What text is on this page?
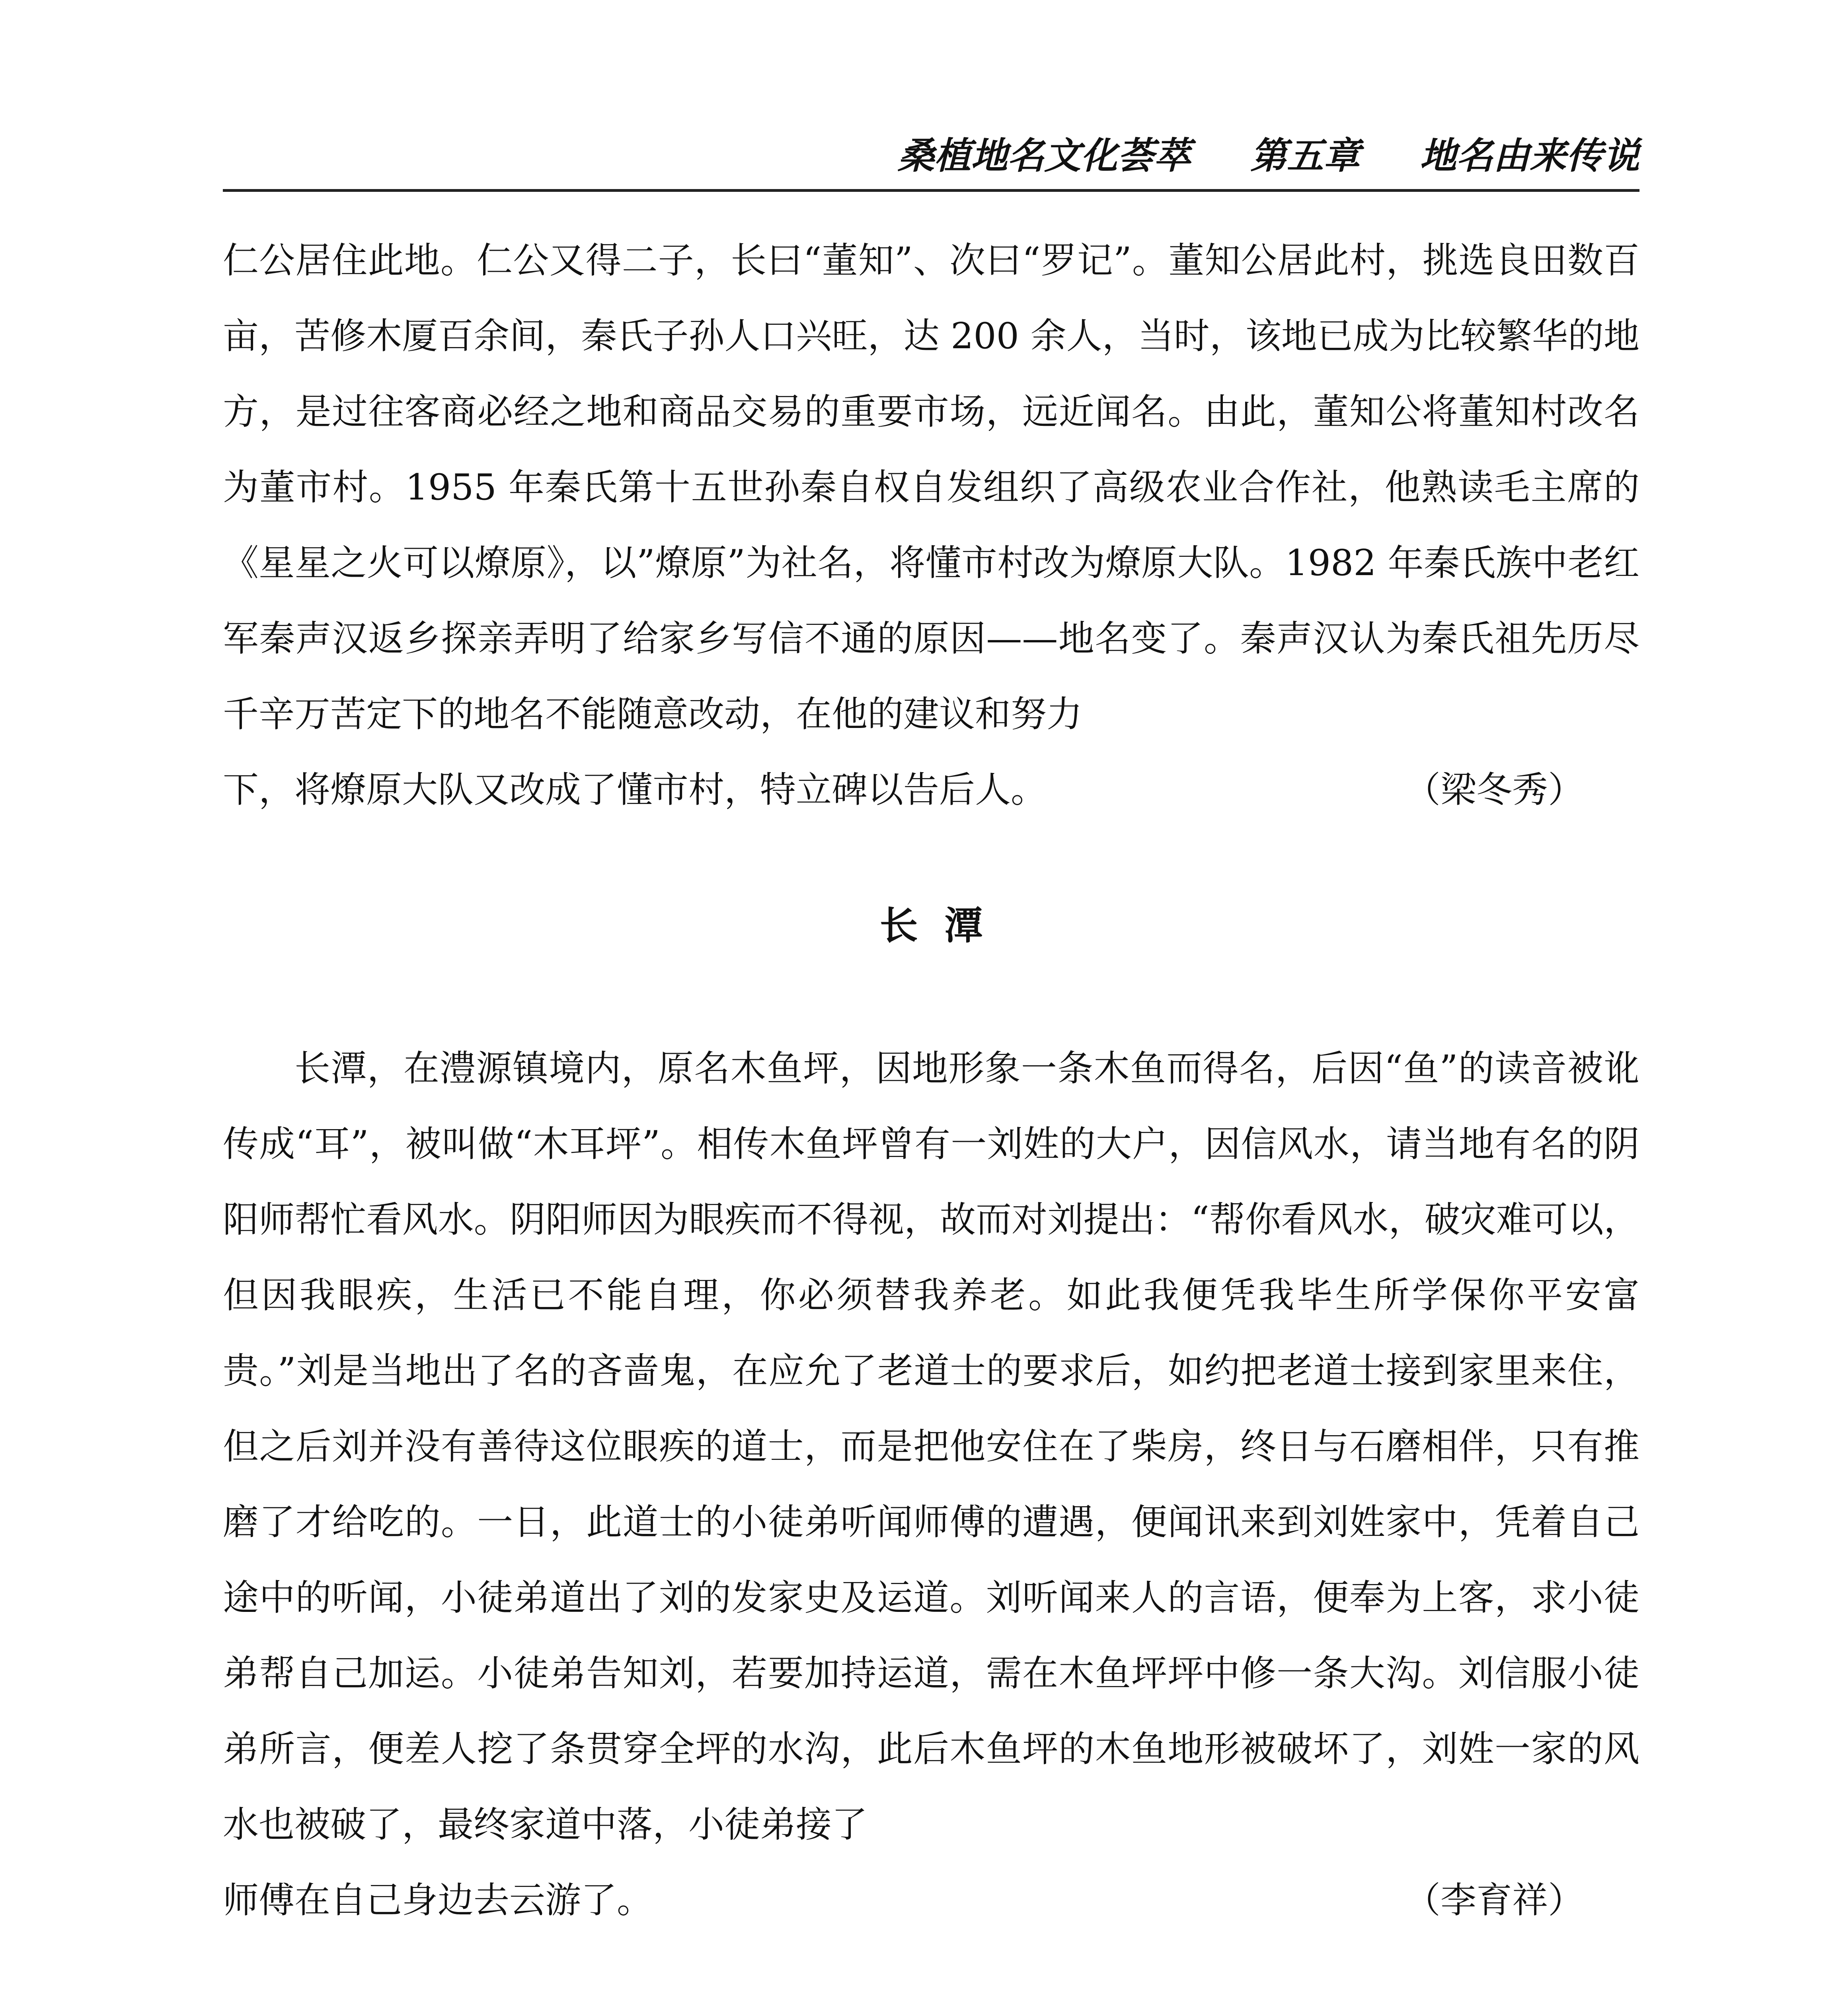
桑植地名文化荟萃 第五章 地名由来传说

仁公居住此地。仁公又得二子，长曰“董知”、次曰“罗记”。董知公居此村，挑选良田数百亩，苦修木厦百余间，秦氏子孙人口兴旺，达 200 余人，当时，该地已成为比较繁华的地方，是过往客商必经之地和商品交易的重要市场，远近闻名。由此，董知公将董知村改名为董市村。1955 年秦氏第十五世孙秦自权自发组织了高级农业合作社，他熟读毛主席的《星星之火可以燎原》，以”燎原”为社名，将懂市村改为燎原大队。1982 年秦氏族中老红军秦声汉返乡探亲弄明了给家乡写信不通的原因——地名变了。秦声汉认为秦氏祖先历尽千辛万苦定下的地名不能随意改动，在他的建议和努力

下，将燎原大队又改成了懂市村，特立碑以告后人。	（梁冬秀）
长  潭

长潭，在澧源镇境内，原名木鱼坪，因地形象一条木鱼而得名，后因“鱼”的读音被讹传成“耳”，被叫做“木耳坪”。相传木鱼坪曾有一刘姓的大户，因信风水，请当地有名的阴阳师帮忙看风水。阴阳师因为眼疾而不得视，故而对刘提出：“帮你看风水，破灾难可以，但因我眼疾，生活已不能自理，你必须替我养老。如此我便凭我毕生所学保你平安富贵。”刘是当地出了名的吝啬鬼，在应允了老道士的要求后，如约把老道士接到家里来住，但之后刘并没有善待这位眼疾的道士，而是把他安住在了柴房，终日与石磨相伴，只有推磨了才给吃的。一日，此道士的小徒弟听闻师傅的遭遇，便闻讯来到刘姓家中，凭着自己途中的听闻，小徒弟道出了刘的发家史及运道。刘听闻来人的言语，便奉为上客，求小徒弟帮自己加运。小徒弟告知刘，若要加持运道，需在木鱼坪坪中修一条大沟。刘信服小徒弟所言，便差人挖了条贯穿全坪的水沟，此后木鱼坪的木鱼地形被破坏了，刘姓一家的风水也被破了，最终家道中落，小徒弟接了

师傅在自己身边去云游了。	（李育祥）
